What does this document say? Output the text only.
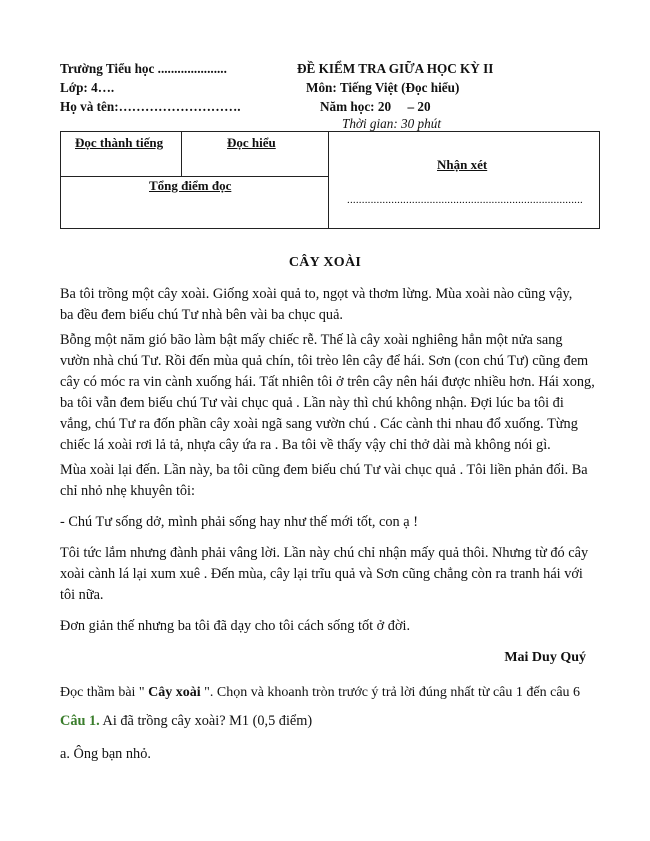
Trường Tiểu học .....................
Lớp: 4….
Họ và tên:……………………….
ĐỀ KIỂM TRA GIỮA HỌC KỲ II
Môn: Tiếng Việt (Đọc hiểu)
Năm học: 20     – 20
Thời gian: 30 phút
Đọc thành tiếng	Đọc hiểu
Tổng điểm đọc
Nhận xét
................................................................................
CÂY XOÀI
Ba tôi trồng một cây xoài. Giống xoài quả to, ngọt và thơm lừng. Mùa xoài nào cũng vậy,
ba đều đem biếu chú Tư nhà bên vài ba chục quả.
Bỗng một năm gió bão làm bật mấy chiếc rễ. Thế là cây xoài nghiêng hẳn một nửa sang
vườn nhà chú Tư. Rồi đến mùa quả chín, tôi trèo lên cây để hái. Sơn (con chú Tư) cũng đem
cây có móc ra vin cành xuống hái. Tất nhiên tôi ở trên cây nên hái được nhiều hơn. Hái xong,
ba tôi vẫn đem biếu chú Tư vài chục quả . Lần này thì chú không nhận. Đợi lúc ba tôi đi
vắng, chú Tư ra đốn phần cây xoài ngã sang vườn chú . Các cành thi nhau đổ xuống. Từng
chiếc lá xoài rơi lả tả, nhựa cây ứa ra . Ba tôi về thấy vậy chỉ thở dài mà không nói gì.
Mùa xoài lại đến. Lần này, ba tôi cũng đem biếu chú Tư vài chục quả . Tôi liền phản đối. Ba
chỉ nhỏ nhẹ khuyên tôi:
- Chú Tư sống dở, mình phải sống hay như thế mới tốt, con ạ !
Tôi tức lắm nhưng đành phải vâng lời. Lần này chú chỉ nhận mấy quả thôi. Nhưng từ đó cây
xoài cành lá lại xum xuê . Đến mùa, cây lại trĩu quả và Sơn cũng chẳng còn ra tranh hái với
tôi nữa.
Đơn giản thế nhưng ba tôi đã dạy cho tôi cách sống tốt ở đời.
Mai Duy Quý
Đọc thầm bài " Cây xoài ". Chọn và khoanh tròn trước ý trả lời đúng nhất từ câu 1 đến câu 6
Câu 1. Ai đã trồng cây xoài? M1 (0,5 điểm)
a. Ông bạn nhỏ.
